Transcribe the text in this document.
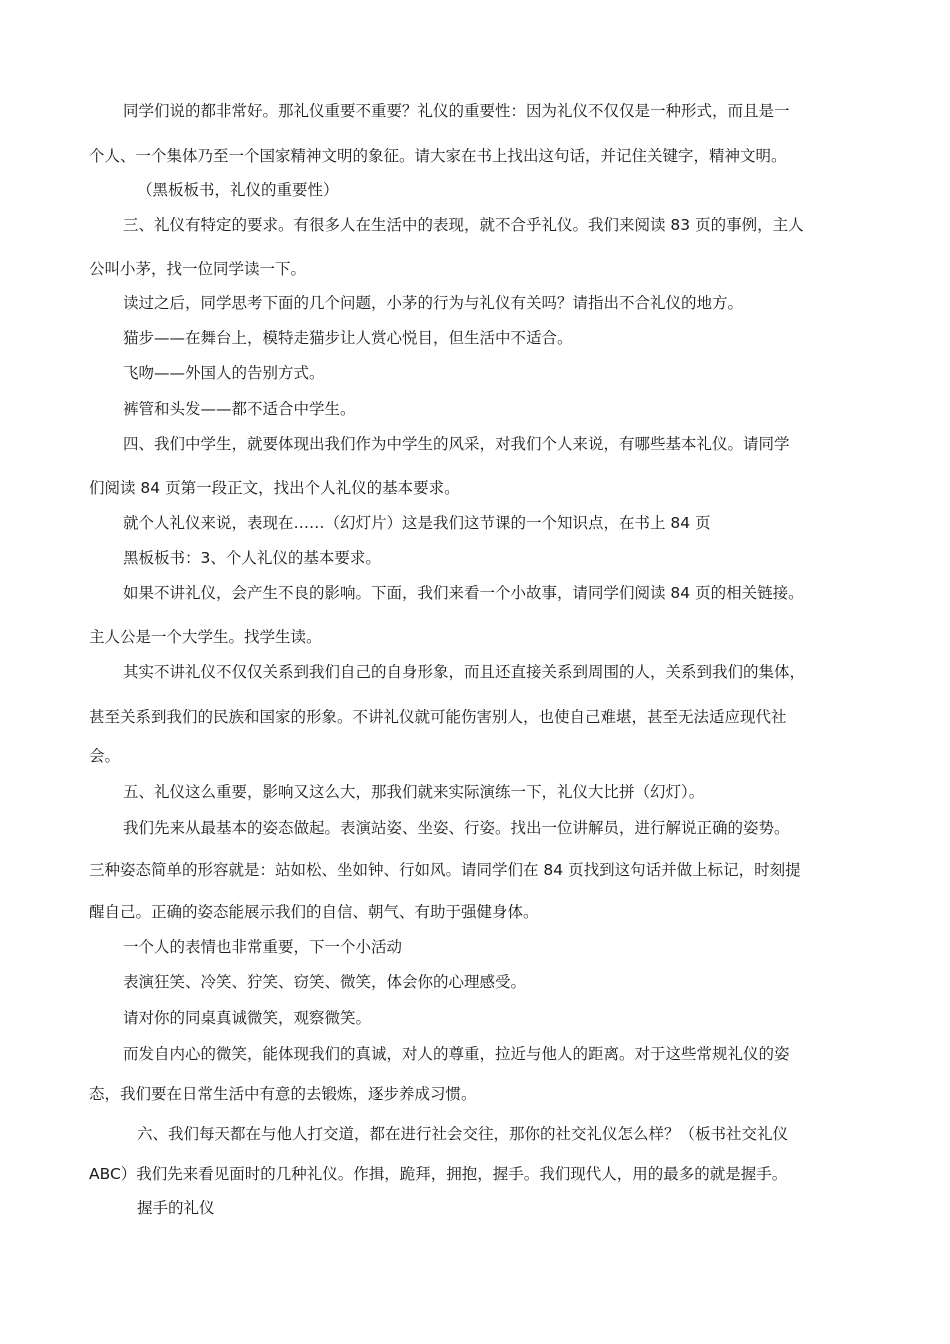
同学们说的都非常好。那礼仪重要不重要？礼仪的重要性：因为礼仪不仅仅是一种形式，而且是一
个人、一个集体乃至一个国家精神文明的象征。请大家在书上找出这句话，并记住关键字，精神文明。
（黑板板书，礼仪的重要性）
三、礼仪有特定的要求。有很多人在生活中的表现，就不合乎礼仪。我们来阅读 83 页的事例，主人
公叫小茅，找一位同学读一下。
读过之后，同学思考下面的几个问题，小茅的行为与礼仪有关吗？请指出不合礼仪的地方。
猫步——在舞台上，模特走猫步让人赏心悦目，但生活中不适合。
飞吻——外国人的告别方式。
裤管和头发——都不适合中学生。
四、我们中学生，就要体现出我们作为中学生的风采，对我们个人来说，有哪些基本礼仪。请同学
们阅读 84 页第一段正文，找出个人礼仪的基本要求。
就个人礼仪来说，表现在……（幻灯片）这是我们这节课的一个知识点，在书上 84 页
黑板板书：3、个人礼仪的基本要求。
如果不讲礼仪，会产生不良的影响。下面，我们来看一个小故事，请同学们阅读 84 页的相关链接。
主人公是一个大学生。找学生读。
其实不讲礼仪不仅仅关系到我们自己的自身形象，而且还直接关系到周围的人，关系到我们的集体，
甚至关系到我们的民族和国家的形象。不讲礼仪就可能伤害别人，也使自己难堪，甚至无法适应现代社
会。
五、礼仪这么重要，影响又这么大，那我们就来实际演练一下，礼仪大比拼（幻灯）。
我们先来从最基本的姿态做起。表演站姿、坐姿、行姿。找出一位讲解员，进行解说正确的姿势。
三种姿态简单的形容就是：站如松、坐如钟、行如风。请同学们在 84 页找到这句话并做上标记，时刻提
醒自己。正确的姿态能展示我们的自信、朝气、有助于强健身体。
一个人的表情也非常重要，下一个小活动
表演狂笑、冷笑、狞笑、窃笑、微笑，体会你的心理感受。
请对你的同桌真诚微笑，观察微笑。
而发自内心的微笑，能体现我们的真诚，对人的尊重，拉近与他人的距离。对于这些常规礼仪的姿
态，我们要在日常生活中有意的去锻炼，逐步养成习惯。
六、我们每天都在与他人打交道，都在进行社会交往，那你的社交礼仪怎么样？（板书社交礼仪
ABC）我们先来看见面时的几种礼仪。作揖，跪拜，拥抱，握手。我们现代人，用的最多的就是握手。
握手的礼仪
